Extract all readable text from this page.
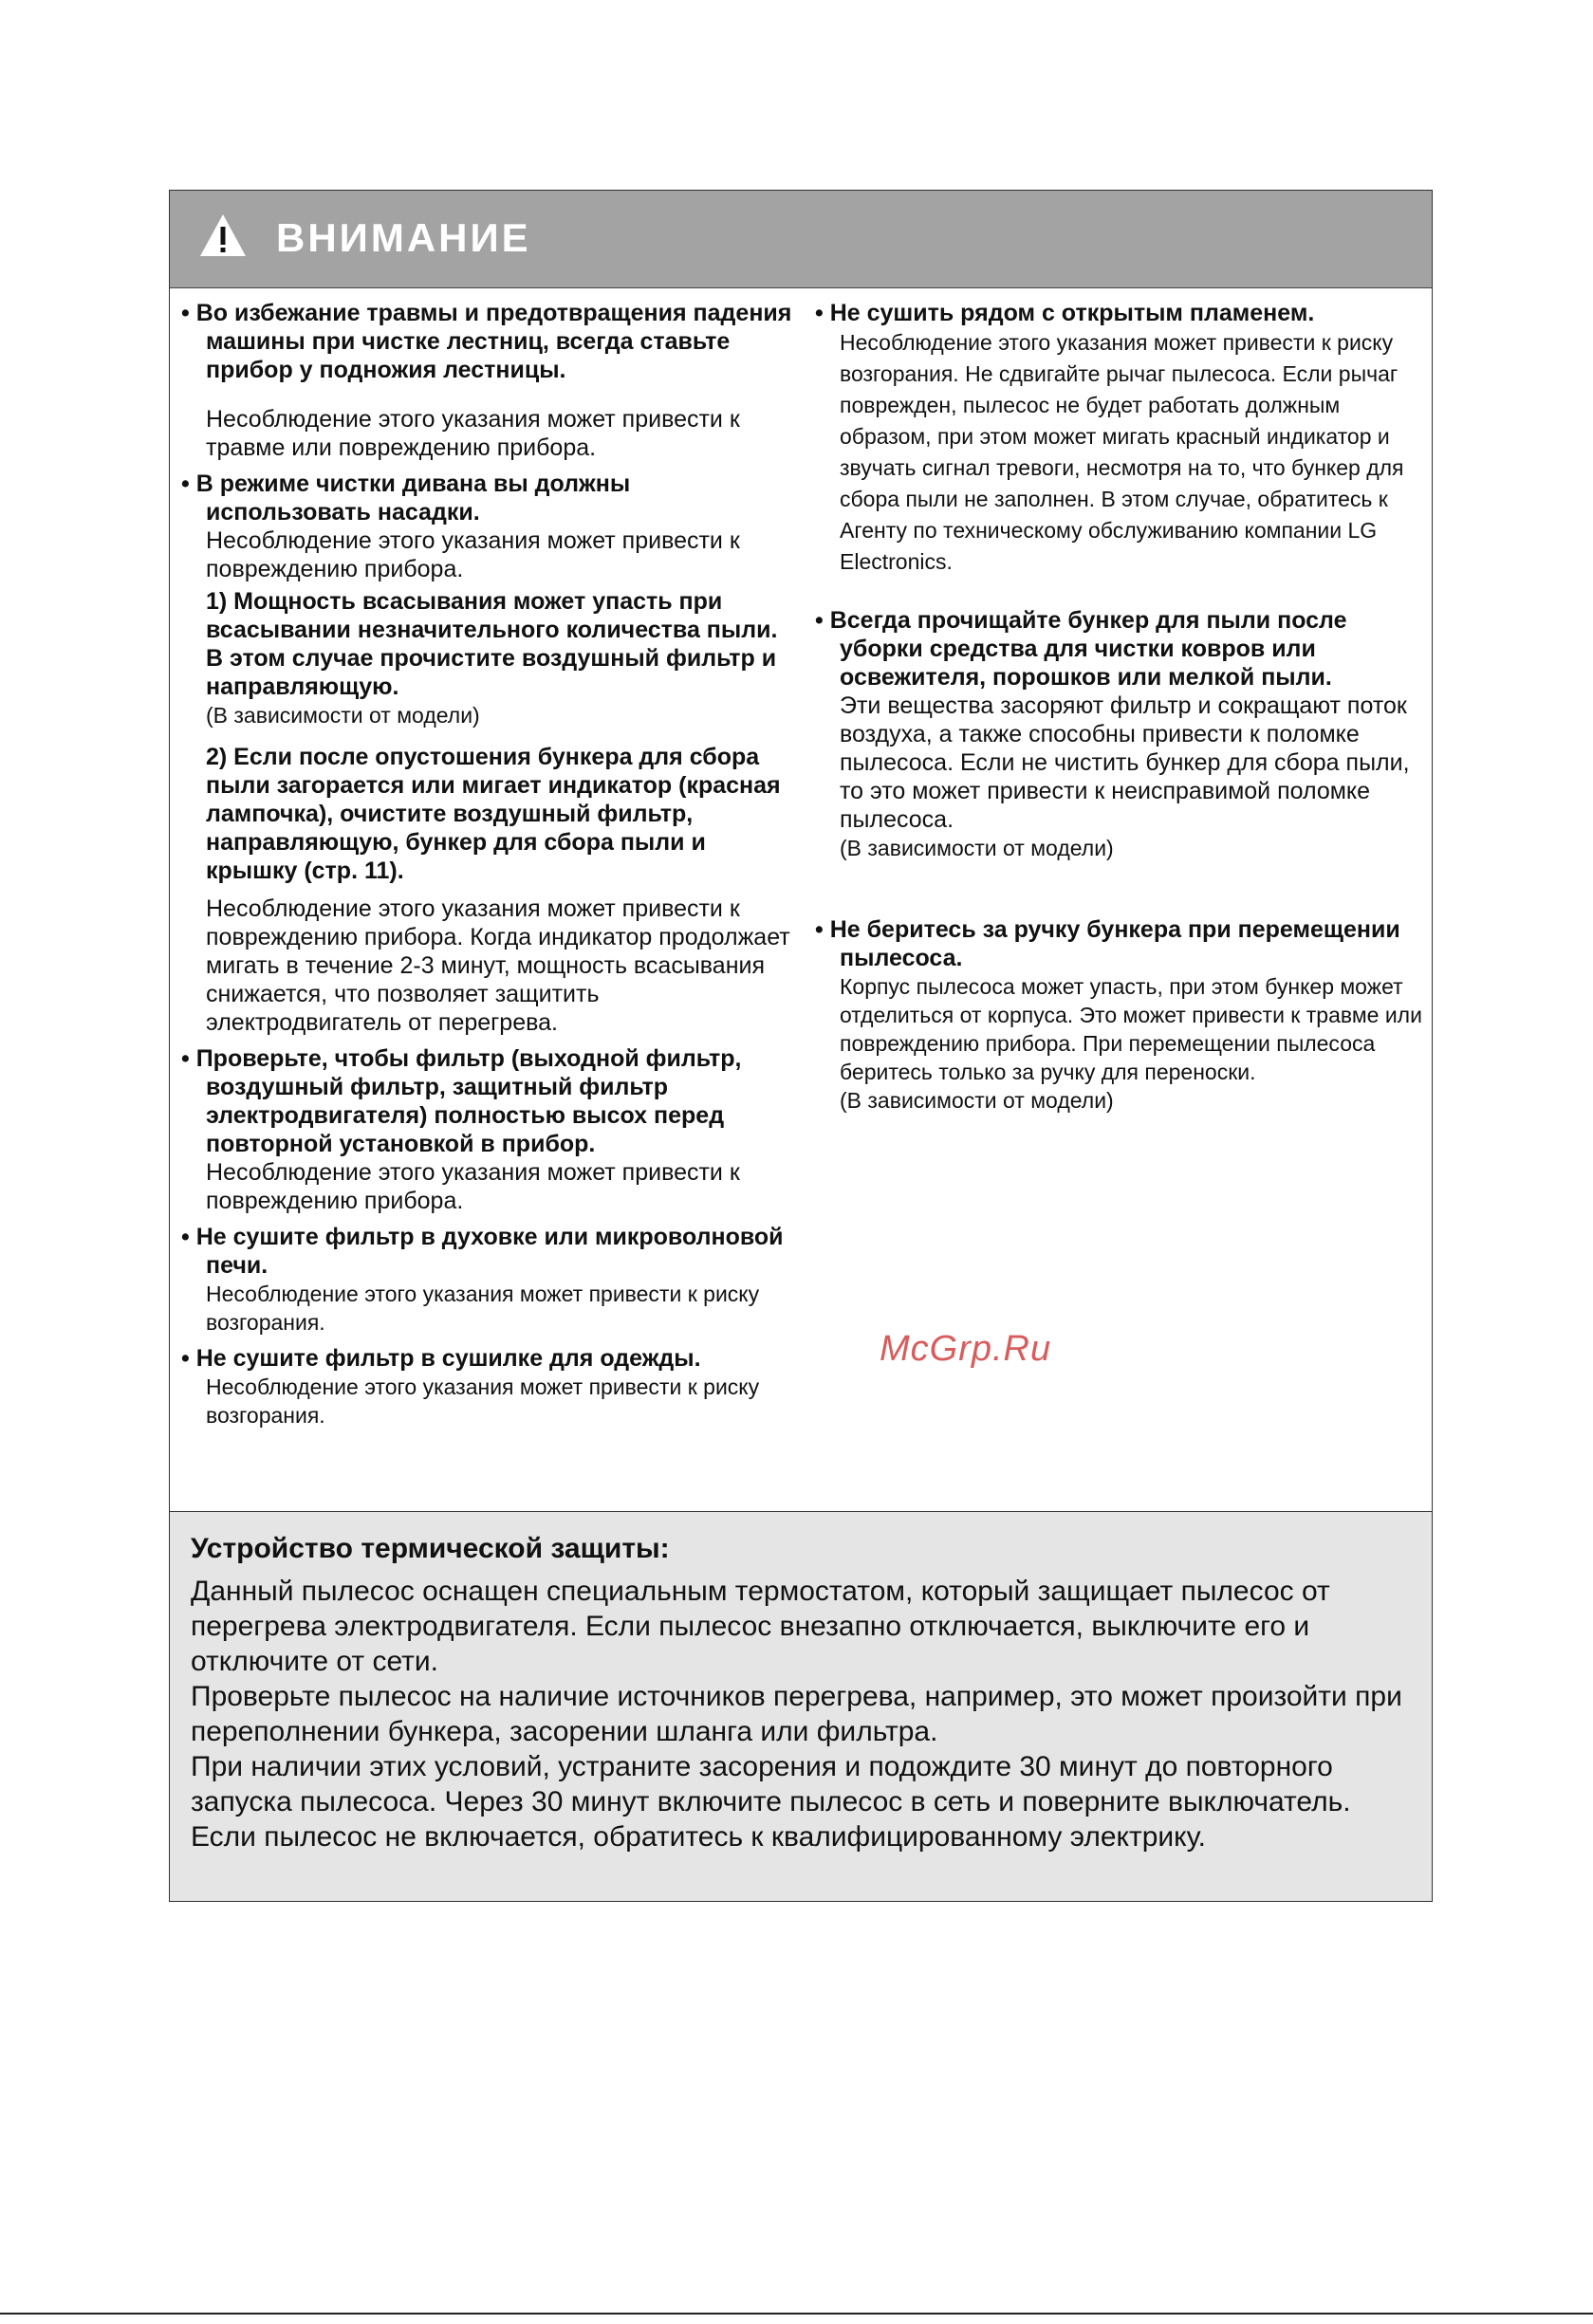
ВНИМАНИЕ
• Во избежание травмы и предотвращения падения машины при чистке лестниц, всегда ставьте прибор у подножия лестницы.
Несоблюдение этого указания может привести к травме или повреждению прибора.
• В режиме чистки дивана вы должны использовать насадки.
Несоблюдение этого указания может привести к повреждению прибора.
1) Мощность всасывания может упасть при всасывании незначительного количества пыли. В этом случае прочистите воздушный фильтр и направляющую.
(В зависимости от модели)
2) Если после опустошения бункера для сбора пыли загорается или мигает индикатор (красная лампочка), очистите воздушный фильтр, направляющую, бункер для сбора пыли и крышку (стр. 11).
Несоблюдение этого указания может привести к повреждению прибора. Когда индикатор продолжает мигать в течение 2-3 минут, мощность всасывания снижается, что позволяет защитить электродвигатель от перегрева.
• Проверьте, чтобы фильтр (выходной фильтр, воздушный фильтр, защитный фильтр электродвигателя) полностью высох перед повторной установкой в прибор.
Несоблюдение этого указания может привести к повреждению прибора.
• Не сушите фильтр в духовке или микроволновой печи.
Несоблюдение этого указания может привести к риску возгорания.
• Не сушите фильтр в сушилке для одежды.
Несоблюдение этого указания может привести к риску возгорания.
• Не сушить рядом с открытым пламенем.
Несоблюдение этого указания может привести к риску возгорания. Не сдвигайте рычаг пылесоса. Если рычаг поврежден, пылесос не будет работать должным образом, при этом может мигать красный индикатор и звучать сигнал тревоги, несмотря на то, что бункер для сбора пыли не заполнен. В этом случае, обратитесь к Агенту по техническому обслуживанию компании LG Electronics.
• Всегда прочищайте бункер для пыли после уборки средства для чистки ковров или освежителя, порошков или мелкой пыли.
Эти вещества засоряют фильтр и сокращают поток воздуха, а также способны привести к поломке пылесоса. Если не чистить бункер для сбора пыли, то это может привести к неисправимой поломке пылесоса.
(В зависимости от модели)
• Не беритесь за ручку бункера при перемещении пылесоса.
Корпус пылесоса может упасть, при этом бункер может отделиться от корпуса. Это может привести к травме или повреждению прибора. При перемещении пылесоса беритесь только за ручку для переноски.
(В зависимости от модели)
McGrp.Ru
Устройство термической защиты:

Данный пылесос оснащен специальным термостатом, который защищает пылесос от перегрева электродвигателя. Если пылесос внезапно отключается, выключите его и отключите от сети.

Проверьте пылесос на наличие источников перегрева, например, это может произойти при переполнении бункера, засорении шланга или фильтра.

При наличии этих условий, устраните засорения и подождите 30 минут до повторного запуска пылесоса. Через 30 минут включите пылесос в сеть и поверните выключатель.

Если пылесос не включается, обратитесь к квалифицированному электрику.
